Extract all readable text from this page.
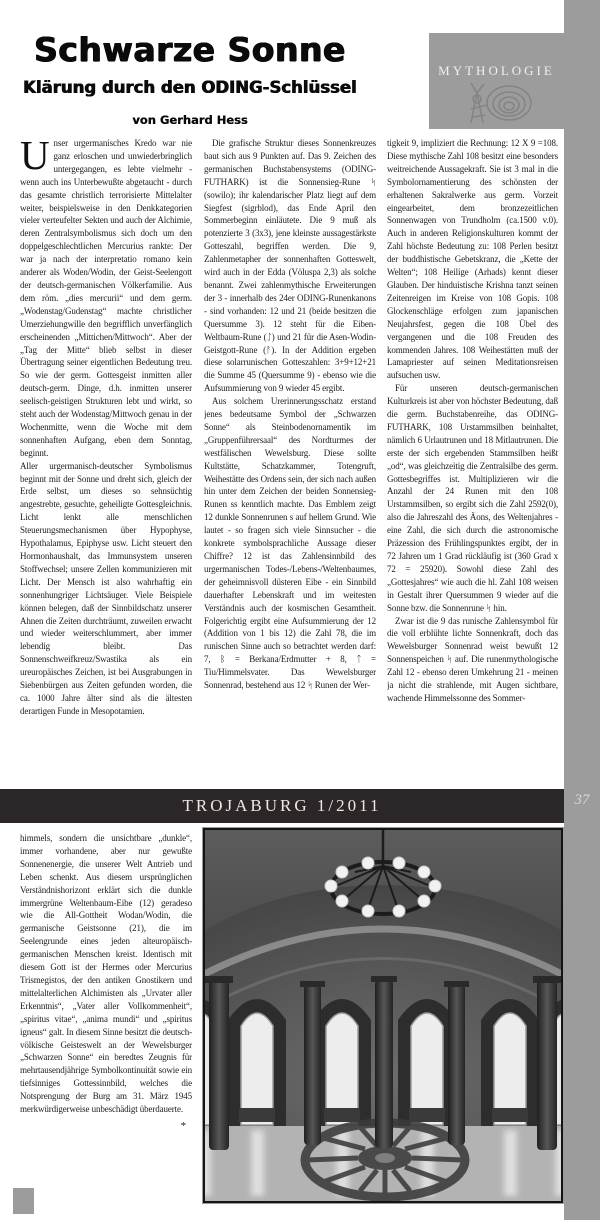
MYTHOLOGIE
Schwarze Sonne
Klärung durch den ODING-Schlüssel
von Gerhard Hess

Unser urgermanisches Kredo war nie ganz erloschen und unwiederbringlich untergegangen, es lebte vielmehr - wenn auch ins Unterbewußte abgetaucht - durch das gesamte christlich terrorisierte Mittelalter weiter, beispielsweise in den Denkkategorien vieler verteufelter Sekten und auch der Alchimie, deren Zentralsymbolismus sich doch um den doppelgeschlechtlichen Mercurius rankte: Der war ja nach der interpretatio romano kein anderer als Woden/Wodin, der Geist-Seelengott der deutsch-germanischen Völkerfamilie. Aus dem röm. „dies mercurii“ und dem germ. „Wodenstag/Gudenstag“ machte christlicher Umerziehungwille den begrifflich unverfänglich erscheinenden „Mittichen/Mittwoch“. Aber der „Tag der Mitte“ blieb selbst in dieser Übertragung seiner eigentlichen Bedeutung treu. So wie der germ. Gottesgeist inmitten aller deutsch-germ. Dinge, d.h. inmitten unserer seelisch-geistigen Strukturen lebt und wirkt, so steht auch der Wodenstag/Mittwoch genau in der Wochenmitte, wenn die Woche mit dem sonnenhaften Aufgang, eben dem Sonntag, beginnt.

Aller urgermanisch-deutscher Symbolismus beginnt mit der Sonne und dreht sich, gleich der Erde selbst, um dieses so sehnsüchtig angestrebte, gesuchte, geheiligte Gottesgleichnis. Licht lenkt alle menschlichen Steuerungsmechanismen über Hypophyse, Hypothalamus, Epiphyse usw. Licht steuert den Hormonhaushalt, das Immunsystem unseren Stoffwechsel; unsere Zellen kommunizieren mit Licht. Der Mensch ist also wahrhaftig ein sonnenhungriger Lichtsäuger. Viele Beispiele können belegen, daß der Sinnbildschatz unserer Ahnen die Zeiten durchträumt, zuweilen erwacht und wieder weiterschlummert, aber immer lebendig bleibt. Das Sonnenschweifkreuz/Swastika als ein ureuropäisches Zeichen, ist bei Ausgrabungen in Siebenbürgen aus Zeiten gefunden worden, die ca. 1000 Jahre älter sind als die ältesten derartigen Funde in Mesopotamien.

Die grafische Struktur dieses Sonnenkreuzes baut sich aus 9 Punkten auf. Das 9. Zeichen des germanischen Buchstabensystems (ODING-FUTHARK) ist die Sonnensieg-Rune ᛋ (sowilo); ihr kalendarischer Platz liegt auf dem Siegfest (sigrblod), das Ende April den Sommerbeginn einläutete. Die 9 muß als potenzierte 3 (3x3), jene kleinste aussagestärkste Gotteszahl, begriffen werden. Die 9, Zahlenmetapher der sonnenhaften Gotteswelt, wird auch in der Edda (Völuspa 2,3) als solche benannt. Zwei zahlenmythische Erweiterungen der 3 - innerhalb des 24er ODING-Runenkanons - sind vorhanden: 12 und 21 (beide besitzen die Quersumme 3). 12 steht für die Eiben-Weltbaum-Rune (ᛇ) und 21 für die Asen-Wodin-Geistgott-Rune (ᚨ). In der Addition ergeben diese solarrunischen Gotteszahlen: 3+9+12+21 die Summe 45 (Quersumme 9) - ebenso wie die Aufsummierung von 9 wieder 45 ergibt.

Aus solchem Urerinnerungsschatz erstand jenes bedeutsame Symbol der „Schwarzen Sonne“ als Steinbodenornamentik im „Gruppenführersaal“ des Nordturmes der westfälischen Wewelsburg. Diese sollte Kultstätte, Schatzkammer, Totengruft, Weihestätte des Ordens sein, der sich nach außen hin unter dem Zeichen der beiden Sonnensieg-Runen ss kenntlich machte. Das Emblem zeigt 12 dunkle Sonnenrunen s auf hellem Grund. Wie lautet - so fragen sich viele Sinnsucher - die konkrete symbolsprachliche Aussage dieser Chiffre? 12 ist das Zahlensinnbild des urgermanischen Todes-/Lebens-/Weltenbaumes, der geheimnisvoll düsteren Eibe - ein Sinnbild dauerhafter Lebenskraft und im weitesten Verständnis auch der kosmischen Gesamtheit. Folgerichtig ergibt eine Aufsummierung der 12 (Addition von 1 bis 12) die Zahl 78, die im runischen Sinne auch so betrachtet werden darf: 7, ᛒ = Berkana/Erdmutter + 8, ᛏ = Tiu/Himmelsvater. Das Wewelsburger Sonnenrad, bestehend aus 12 ᛋ Runen der Wer-

tigkeit 9, impliziert die Rechnung: 12 X 9 =108. Diese mythische Zahl 108 besitzt eine besonders weitreichende Aussagekraft. Sie ist 3 mal in die Symbolornamentierung des schönsten der erhaltenen Sakralwerke aus germ. Vorzeit eingearbeitet, dem bronzezeitlichen Sonnenwagen von Trundholm (ca.1500 v.0). Auch in anderen Religionskulturen kommt der Zahl höchste Bedeutung zu: 108 Perlen besitzt der buddhistische Gebetskranz, die „Kette der Welten“; 108 Heilige (Arhads) kennt dieser Glauben. Der hinduistische Krishna tanzt seinen Zeitenreigen im Kreise von 108 Gopis. 108 Glockenschläge erfolgen zum japanischen Neujahrsfest, gegen die 108 Übel des vergangenen und die 108 Freuden des kommenden Jahres. 108 Weihestätten muß der Lamapriester auf seinen Meditationsreisen aufsuchen usw.

Für unseren deutsch-germanischen Kulturkreis ist aber von höchster Bedeutung, daß die germ. Buchstabenreihe, das ODING-FUTHARK, 108 Urstammsilben beinhaltet, nämlich 6 Urlautrunen und 18 Mitlautrunen. Die erste der sich ergebenden Stammsilben heißt „od“, was gleichzeitig die Zentralsilbe des germ. Gottesbegriffes ist. Multiplizieren wir die Anzahl der 24 Runen mit den 108 Urstammsilben, so ergibt sich die Zahl 2592(0), also die Jahreszahl des Äons, des Weltenjahres - eine Zahl, die sich durch die astronomische Präzession des Frühlingspunktes ergibt, der in 72 Jahren um 1 Grad rückläufig ist (360 Grad x 72 = 25920). Sowohl diese Zahl des „Gottesjahres“ wie auch die hl. Zahl 108 weisen in Gestalt ihrer Quersummen 9 wieder auf die Sonne bzw. die Sonnenrune ᛋ hin.

Zwar ist die 9 das runische Zahlensymbol für die voll erblühte lichte Sonnenkraft, doch das Wewelsburger Sonnenrad weist bewußt 12 Sonnenspeichen ᛋ auf. Die runenmythologische Zahl 12 - ebenso deren Umkehrung 21 - meinen ja nicht die strahlende, mit Augen sichtbare, wachende Himmelssonne des Sommer-

TROJABURG 1/2011	37

himmels, sondern die unsichtbare „dunkle“, immer vorhandene, aber nur gewußte Sonnenenergie, die unserer Welt Antrieb und Leben schenkt. Aus diesem ursprünglichen Verständnishorizont erklärt sich die dunkle immergrüne Weltenbaum-Eibe (12) geradeso wie die All-Gottheit Wodan/Wodin, die germanische Geistsonne (21), die im Seelengrunde eines jeden alteuropäisch-germanischen Menschen kreist. Identisch mit diesem Gott ist der Hermes oder Mercurius Trismegistos, der den antiken Gnostikern und mittelalterlichen Alchimisten als „Urvater aller Erkenntnis“, „Vater aller Vollkommenheit“, „spiritus vitae“, „anima mundi“ und „spiritus igneus“ galt. In diesem Sinne besitzt die deutsch-völkische Geisteswelt an der Wewelsburger „Schwarzen Sonne“ ein beredtes Zeugnis für mehrtausendjährige Symbolkontinuität sowie ein tiefsinniges Gottessinnbild, welches die Notsprengung der Burg am 31. März 1945 merkwürdigerweise unbeschädigt überdauerte.

*
